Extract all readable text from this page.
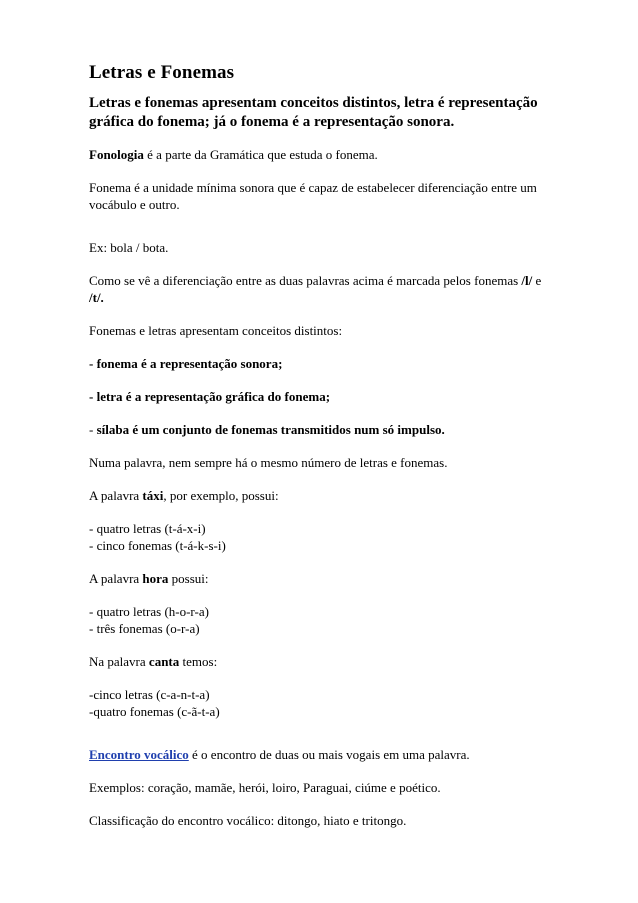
Letras e Fonemas
Letras e fonemas apresentam conceitos distintos, letra é representação gráfica do fonema; já o fonema é a representação sonora.

Fonologia é a parte da Gramática que estuda o fonema.

Fonema é a unidade mínima sonora que é capaz de estabelecer diferenciação entre um vocábulo e outro.

Ex: bola / bota.

Como se vê a diferenciação entre as duas palavras acima é marcada pelos fonemas /l/ e /t/.

Fonemas e letras apresentam conceitos distintos:

- fonema é a representação sonora;

- letra é a representação gráfica do fonema;

- sílaba é um conjunto de fonemas transmitidos num só impulso.

Numa palavra, nem sempre há o mesmo número de letras e fonemas.

A palavra táxi, por exemplo, possui:

- quatro letras (t-á-x-i)
- cinco fonemas (t-á-k-s-i)

A palavra hora possui:

- quatro letras (h-o-r-a)
- três fonemas (o-r-a)

Na palavra canta temos:

-cinco letras (c-a-n-t-a)
-quatro fonemas (c-ã-t-a)

Encontro vocálico é o encontro de duas ou mais vogais em uma palavra.

Exemplos: coração, mamãe, herói, loiro, Paraguai, ciúme e poético.

Classificação do encontro vocálico: ditongo, hiato e tritongo.
